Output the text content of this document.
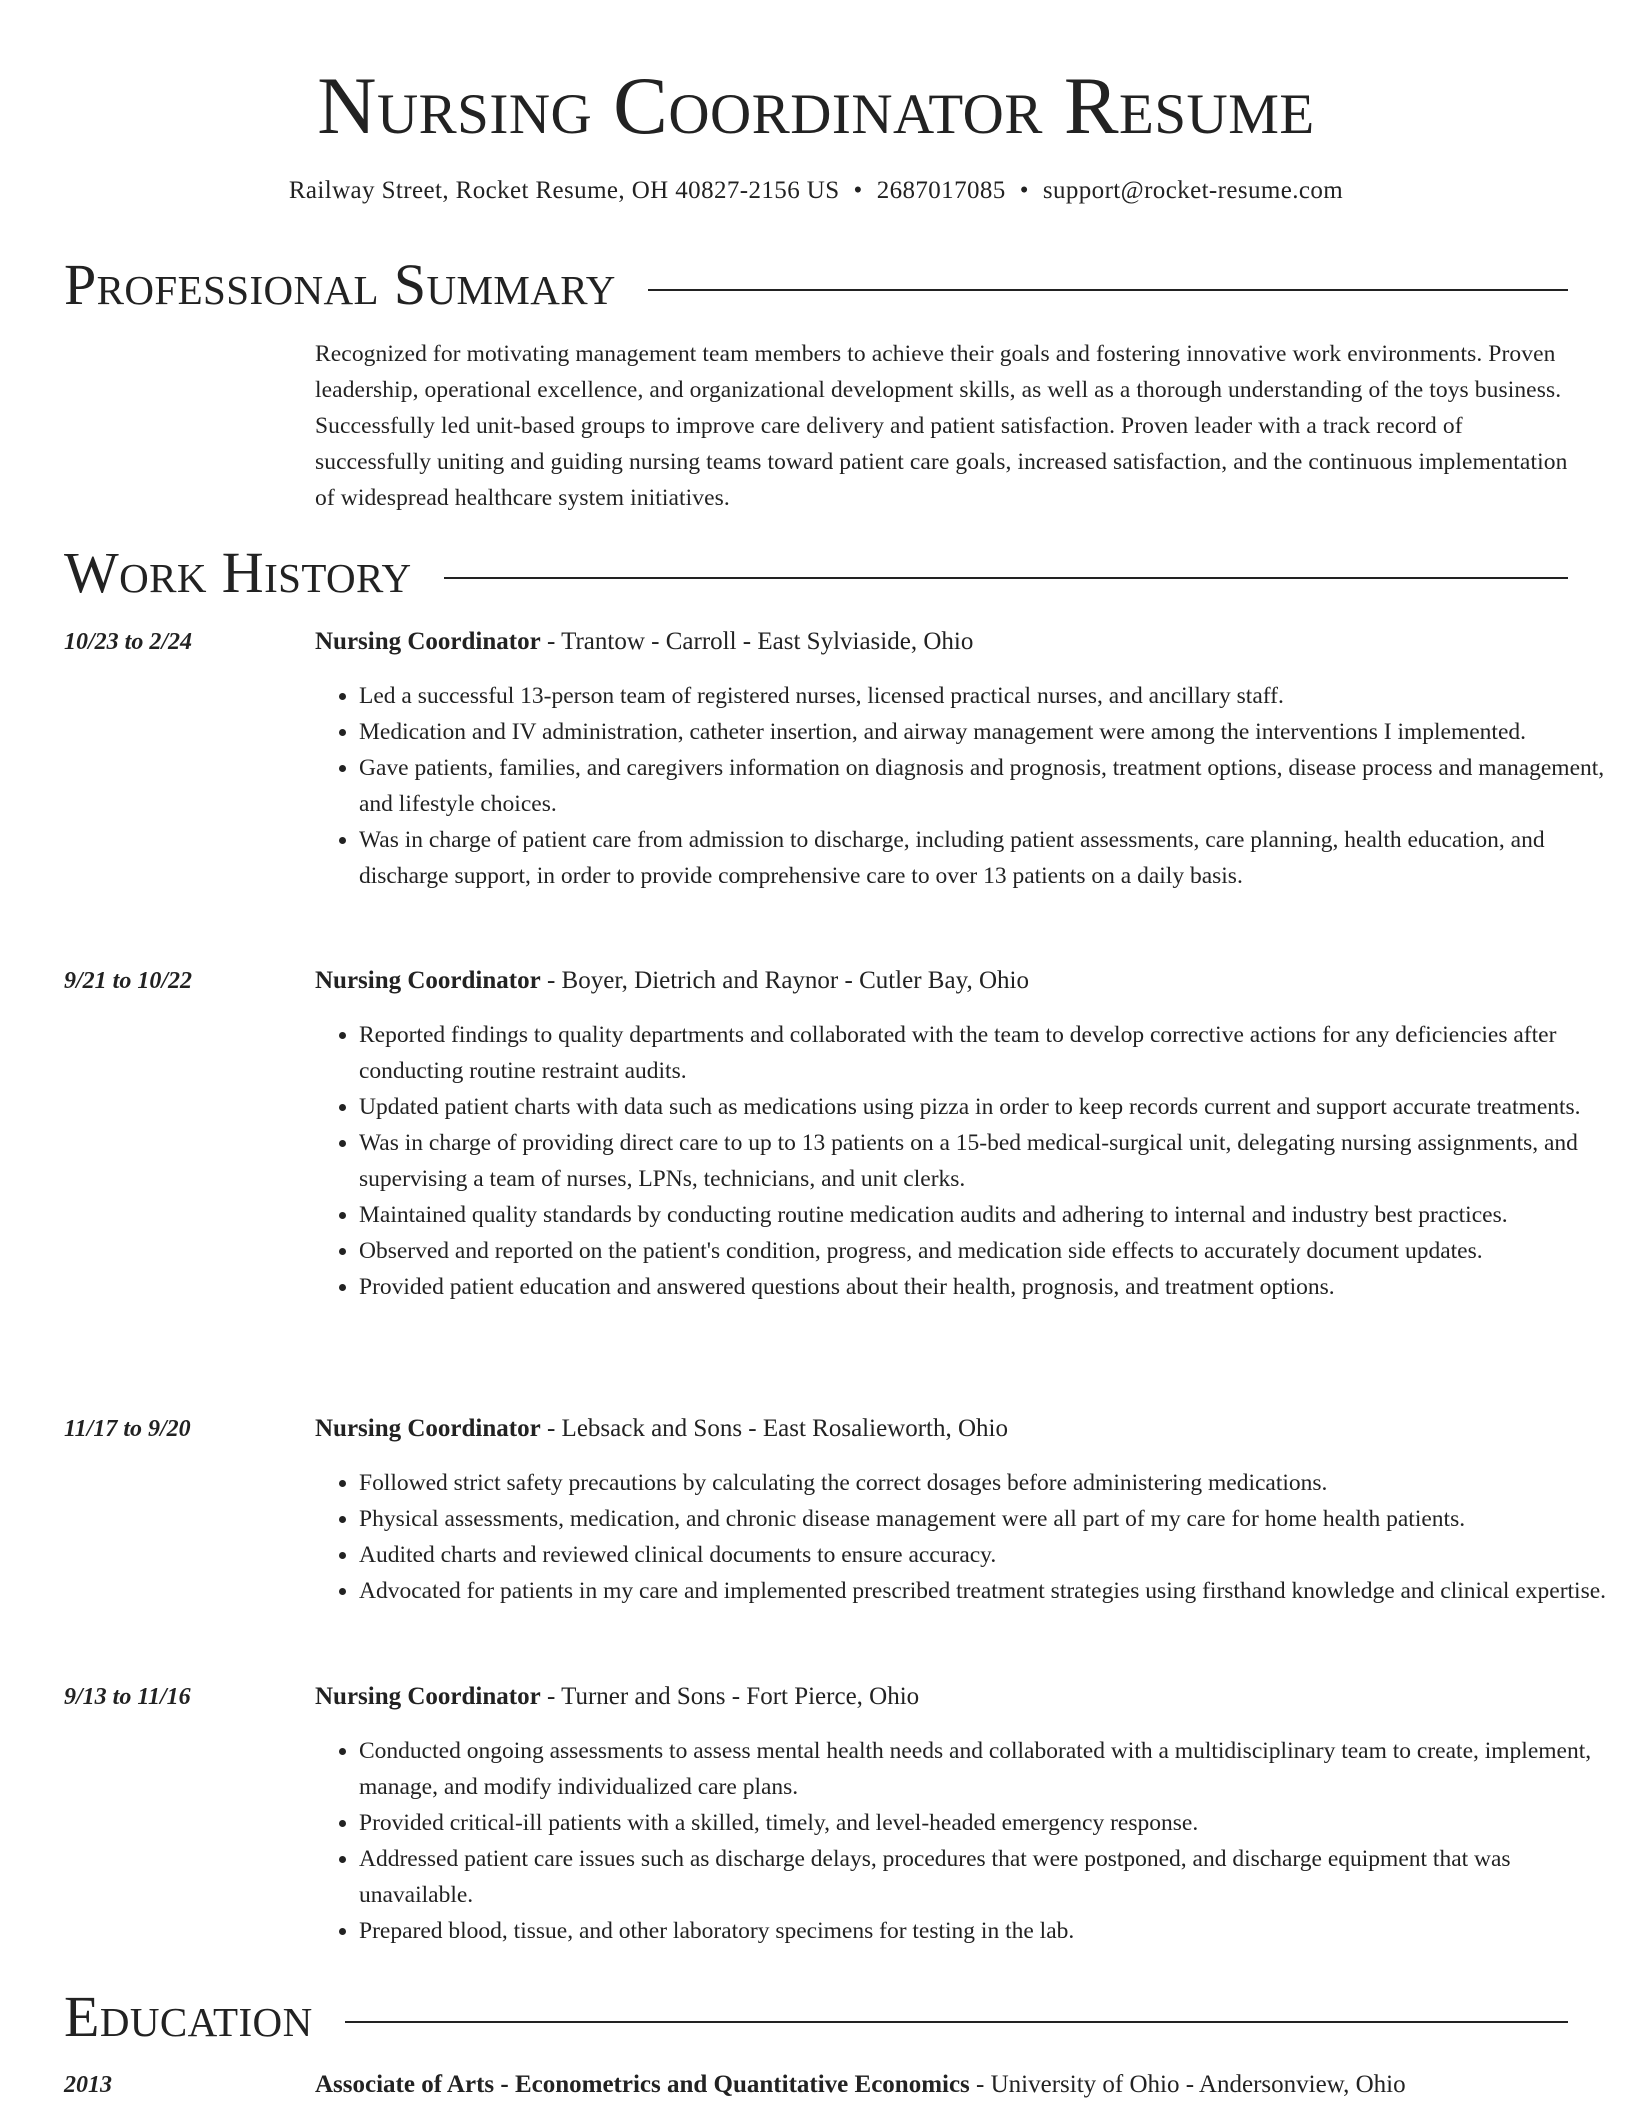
Nursing Coordinator Resume
Railway Street, Rocket Resume, OH 40827-2156 US • 2687017085 • support@rocket-resume.com
Professional Summary

Recognized for motivating management team members to achieve their goals and fostering innovative work environments. Proven leadership, operational excellence, and organizational development skills, as well as a thorough understanding of the toys business. Successfully led unit-based groups to improve care delivery and patient satisfaction. Proven leader with a track record of successfully uniting and guiding nursing teams toward patient care goals, increased satisfaction, and the continuous implementation of widespread healthcare system initiatives.

Work History
10/23 to 2/24	Nursing Coordinator - Trantow - Carroll - East Sylviaside, Ohio
• Led a successful 13-person team of registered nurses, licensed practical nurses, and ancillary staff.
• Medication and IV administration, catheter insertion, and airway management were among the interventions I implemented.
• Gave patients, families, and caregivers information on diagnosis and prognosis, treatment options, disease process and management, and lifestyle choices.
• Was in charge of patient care from admission to discharge, including patient assessments, care planning, health education, and discharge support, in order to provide comprehensive care to over 13 patients on a daily basis.
9/21 to 10/22	Nursing Coordinator - Boyer, Dietrich and Raynor - Cutler Bay, Ohio
• Reported findings to quality departments and collaborated with the team to develop corrective actions for any deficiencies after conducting routine restraint audits.
• Updated patient charts with data such as medications using pizza in order to keep records current and support accurate treatments.
• Was in charge of providing direct care to up to 13 patients on a 15-bed medical-surgical unit, delegating nursing assignments, and supervising a team of nurses, LPNs, technicians, and unit clerks.
• Maintained quality standards by conducting routine medication audits and adhering to internal and industry best practices.
• Observed and reported on the patient's condition, progress, and medication side effects to accurately document updates.
• Provided patient education and answered questions about their health, prognosis, and treatment options.
11/17 to 9/20	Nursing Coordinator - Lebsack and Sons - East Rosalieworth, Ohio
• Followed strict safety precautions by calculating the correct dosages before administering medications.
• Physical assessments, medication, and chronic disease management were all part of my care for home health patients.
• Audited charts and reviewed clinical documents to ensure accuracy.
• Advocated for patients in my care and implemented prescribed treatment strategies using firsthand knowledge and clinical expertise.
9/13 to 11/16	Nursing Coordinator - Turner and Sons - Fort Pierce, Ohio
• Conducted ongoing assessments to assess mental health needs and collaborated with a multidisciplinary team to create, implement, manage, and modify individualized care plans.
• Provided critical-ill patients with a skilled, timely, and level-headed emergency response.
• Addressed patient care issues such as discharge delays, procedures that were postponed, and discharge equipment that was unavailable.
• Prepared blood, tissue, and other laboratory specimens for testing in the lab.
Education
2013	Associate of Arts - Econometrics and Quantitative Economics - University of Ohio - Andersonview, Ohio
